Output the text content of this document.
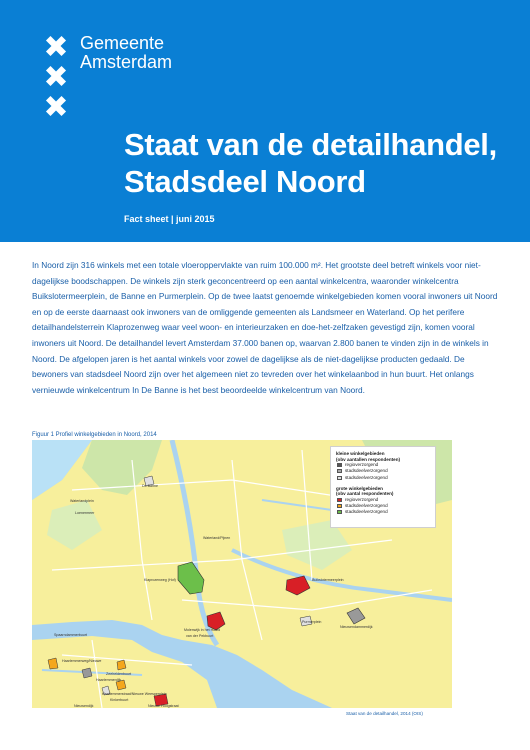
Gemeente
Amsterdam
Staat van de detailhandel,
Stadsdeel Noord
Fact sheet | juni 2015

In Noord zijn 316 winkels met een totale vloeroppervlakte van ruim 100.000 m². Het grootste deel betreft winkels voor niet-dagelijkse boodschappen. De winkels zijn sterk geconcentreerd op een aantal winkelcentra, waaronder winkelcentra Buikslotermeerplein, de Banne en Purmerplein. Op de twee laatst genoemde winkelgebieden komen vooral inwoners uit Noord en op de eerste daarnaast ook inwoners van de omliggende gemeenten als Landsmeer en Waterland. Op het perifere detailhandelsterrein Klaprozenweg waar veel woon- en interieurzaken en doe-het-zelfzaken gevestigd zijn, komen vooral inwoners uit Noord. De detailhandel levert Amsterdam 37.000 banen op, waarvan 2.800 banen te vinden zijn in de winkels in Noord. De afgelopen jaren is het aantal winkels voor zowel de dagelijkse als de niet-dagelijkse producten gedaald. De bewoners van stadsdeel Noord zijn over het algemeen niet zo tevreden over het winkelaanbod in hun buurt. Het onlangs vernieuwde winkelcentrum In De Banne is het best beoordeelde winkelcentrum van Noord.

Figuur 1 Profiel winkelgebieden in Noord, 2014
De Banne
Waterlandplein
Loenermeer
Waterland/Pijnen
Klaprozenweg (Hof)	Buikslotermeerplein
Purmerplein
Nieuwendammerdijk
Molenwijk in het Hoofd
van der Pekbuurt
Spaarndammerbuurt
Haarlemmerweg/Nieuwe
Zeeheldenbuurt
Haarlemmerdijk
Haarlemmerstraat/Nieuwe Weesperplein
Kinkerbuurt
Nieuwendijk	Nieuwe Hoogstraat
kleine winkelgebieden
(obv aantallen respondenten)
regioverzorgend
stadsdeelverzorgend
stadsdeelverzorgend
grote winkelgebieden
(obv aantal respondenten)
regioverzorgend
stadsdeelverzorgend
stadsdeelverzorgend
Staat van de detailhandel, 2014 (OIS)
